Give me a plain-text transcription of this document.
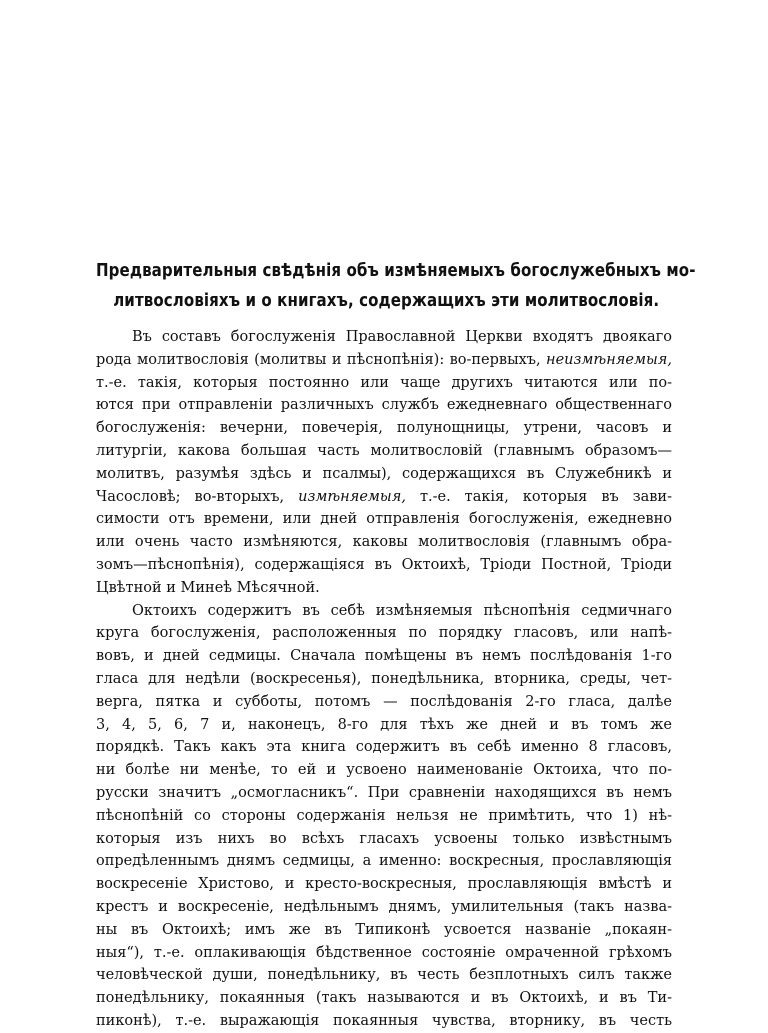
Предварительныя свѣдѣнія объ измѣняемыхъ богослужебныхъ мо-
литвословіяхъ и о книгахъ, содержащихъ эти молитвословія.
Въ составъ богослуженія Православной Церкви входятъ двоякаго
рода молитвословія (молитвы и пѣснопѣнія): во-первыхъ, неизмѣняемыя,
т.-е. такія, которыя постоянно или чаще другихъ читаются или по-
ются при отправленіи различныхъ службъ ежедневнаго общественнаго
богослуженія: вечерни, повечерія, полунощницы, утрени, часовъ и
литургіи, какова большая часть молитвословій (главнымъ образомъ—
молитвъ, разумѣя здѣсь и псалмы), содержащихся въ Служебникѣ и
Часословѣ; во-вторыхъ, измѣняемыя, т.-е. такія, которыя въ зави-
симости отъ времени, или дней отправленія богослуженія, ежедневно
или очень часто измѣняются, каковы молитвословія (главнымъ обра-
зомъ—пѣснопѣнія), содержащіяся въ Октоихѣ, Тріоди Постной, Тріоди
Цвѣтной и Минеѣ Мѣсячной.
Октоихъ содержитъ въ себѣ измѣняемыя пѣснопѣнія седмичнаго
круга богослуженія, расположенныя по порядку гласовъ, или напѣ-
вовъ, и дней седмицы. Сначала помѣщены въ немъ послѣдованія 1-го
гласа для недѣли (воскресенья), понедѣльника, вторника, среды, чет-
верга, пятка и субботы, потомъ — послѣдованія 2-го гласа, далѣе
3, 4, 5, 6, 7 и, наконецъ, 8-го для тѣхъ же дней и въ томъ же
порядкѣ. Такъ какъ эта книга содержитъ въ себѣ именно 8 гласовъ,
ни болѣе ни менѣе, то ей и усвоено наименованіе Октоиха, что по-
русски значитъ „осмогласникъ“. При сравненіи находящихся въ немъ
пѣснопѣній со стороны содержанія нельзя не примѣтить, что 1) нѣ-
которыя изъ нихъ во всѣхъ гласахъ усвоены только извѣстнымъ
опредѣленнымъ днямъ седмицы, а именно: воскресныя, прославляющія
воскресеніе Христово, и кресто-воскресныя, прославляющія вмѣстѣ и
крестъ и воскресеніе, недѣльнымъ днямъ, умилительныя (такъ назва-
ны въ Октоихѣ; имъ же въ Типиконѣ усвоется названіе „покаян-
ныя“), т.-е. оплакивающія бѣдственное состояніе омраченной грѣхомъ
человѣческой души, понедѣльнику, въ честь безплотныхъ силъ также
понедѣльнику, покаянныя (такъ называются и въ Октоихѣ, и въ Ти-
пиконѣ), т.-е. выражающія покаянныя чувства, вторнику, въ честь
